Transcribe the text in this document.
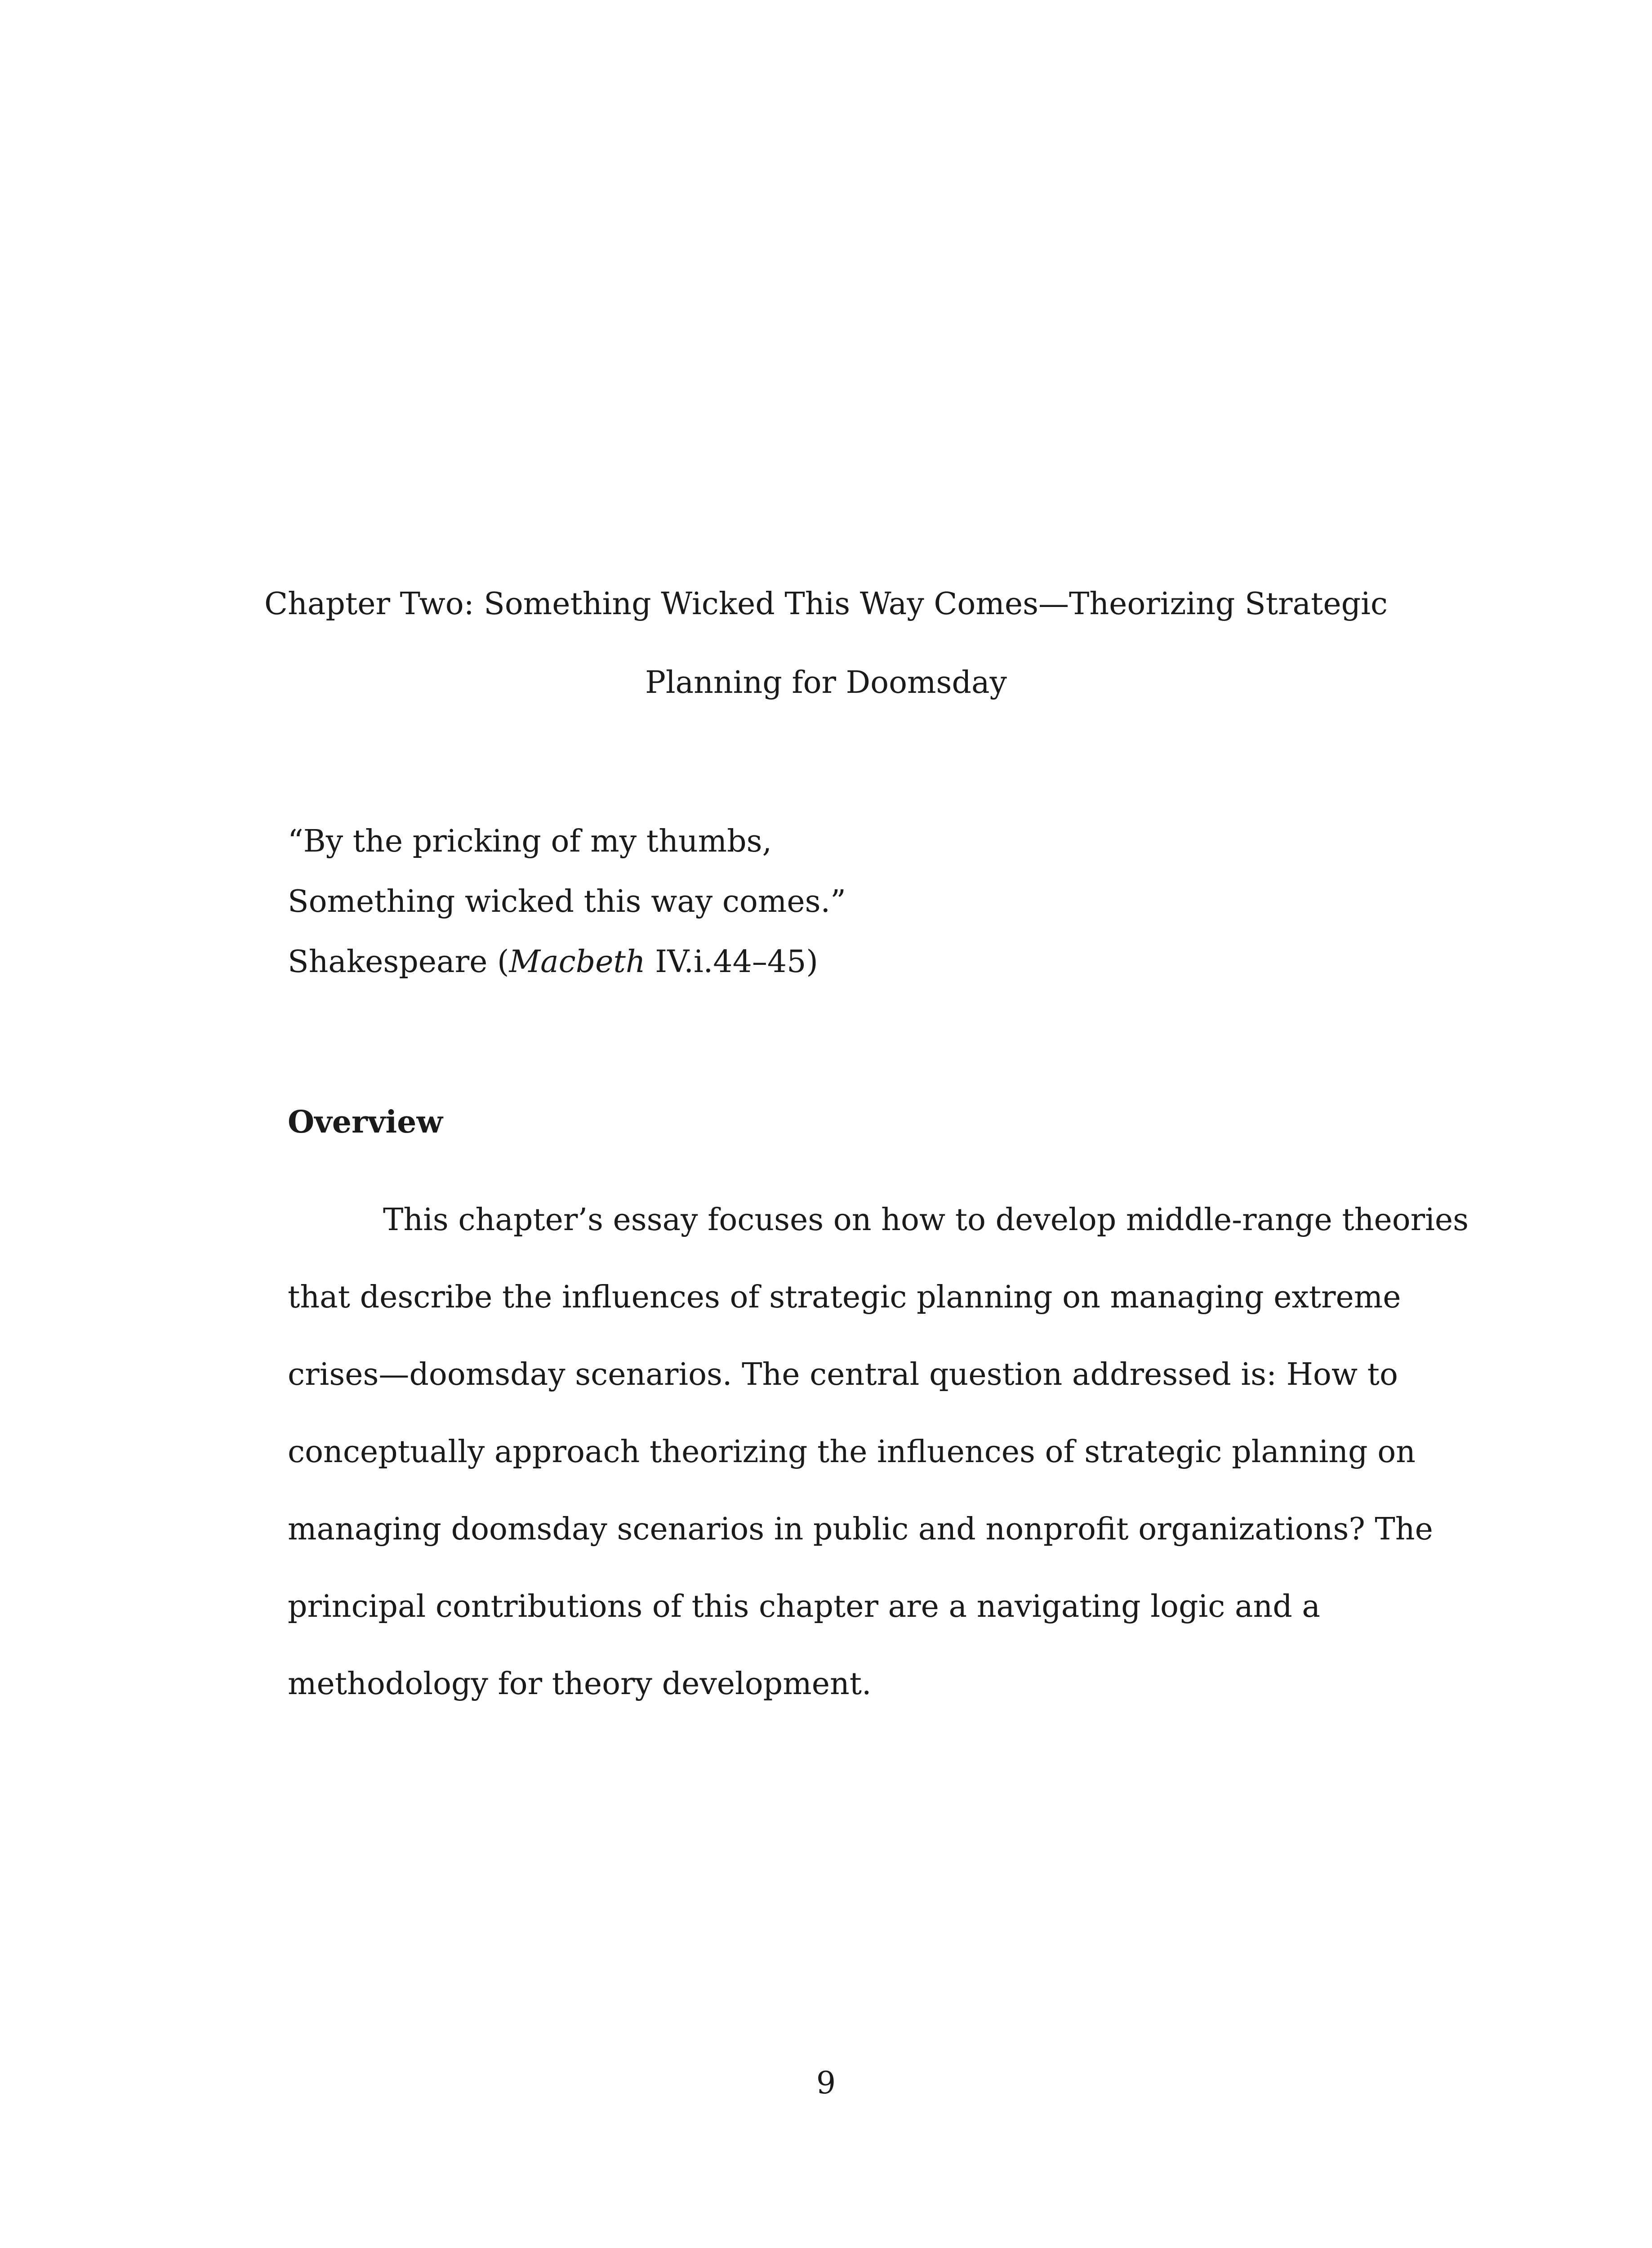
Chapter Two: Something Wicked This Way Comes—Theorizing Strategic
Planning for Doomsday
“By the pricking of my thumbs,
Something wicked this way comes.”
Shakespeare (Macbeth IV.i.44–45)
Overview
This chapter’s essay focuses on how to develop middle-range theories
that describe the influences of strategic planning on managing extreme
crises—doomsday scenarios. The central question addressed is: How to
conceptually approach theorizing the influences of strategic planning on
managing doomsday scenarios in public and nonprofit organizations? The
principal contributions of this chapter are a navigating logic and a
methodology for theory development.
9
